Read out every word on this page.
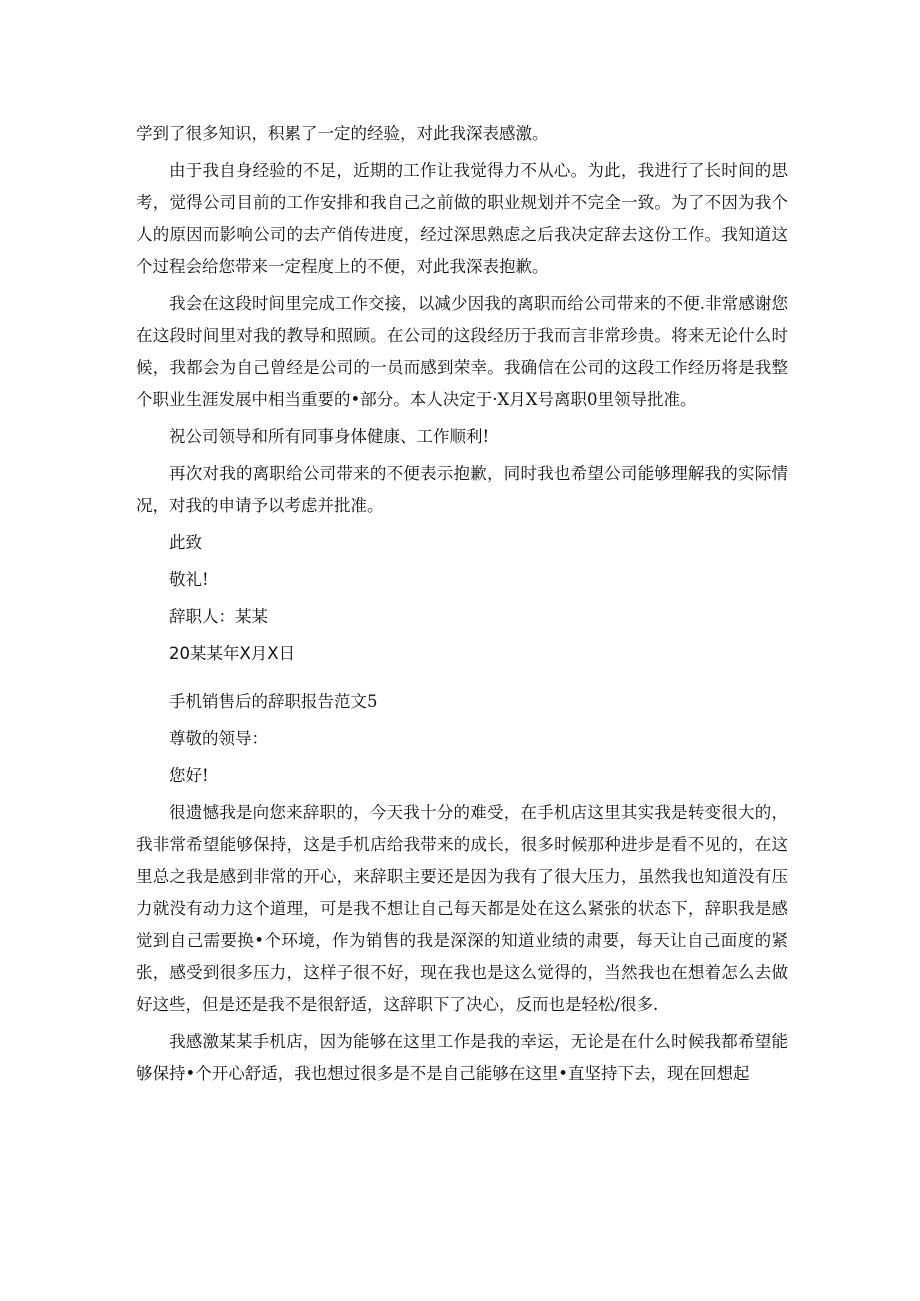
学到了很多知识，积累了一定的经验，对此我深表感激。

由于我自身经验的不足，近期的工作让我觉得力不从心。为此，我进行了长时间的思考，觉得公司目前的工作安排和我自己之前做的职业规划并不完全一致。为了不因为我个人的原因而影响公司的去产俏传进度，经过深思熟虑之后我决定辞去这份工作。我知道这个过程会给您带来一定程度上的不便，对此我深表抱歉。

我会在这段时间里完成工作交接，以减少因我的离职而给公司带来的不便.非常感谢您在这段时间里对我的教导和照顾。在公司的这段经历于我而言非常珍贵。将来无论什么时候，我都会为自己曾经是公司的一员而感到荣幸。我确信在公司的这段工作经历将是我整个职业生涯发展中相当重要的•部分。本人决定于·X月X号离职0里领导批准。

祝公司领导和所有同事身体健康、工作顺利!

再次对我的离职给公司带来的不便表示抱歉，同时我也希望公司能够理解我的实际情况，对我的申请予以考虑并批准。

此致

敬礼!

辞职人：某某

20某某年X月X日

手机销售后的辞职报告范文5

尊敬的领导：

您好!

很遗憾我是向您来辞职的，今天我十分的难受，在手机店这里其实我是转变很大的，我非常希望能够保持，这是手机店给我带来的成长，很多时候那种进步是看不见的，在这里总之我是感到非常的开心，来辞职主要还是因为我有了很大压力，虽然我也知道没有压力就没有动力这个道理，可是我不想让自己每天都是处在这么紧张的状态下，辞职我是感觉到自己需要换•个环境，作为销售的我是深深的知道业绩的肃要，每天让自己面度的紧张，感受到很多压力，这样子很不好，现在我也是这么觉得的，当然我也在想着怎么去做好这些，但是还是我不是很舒适，这辞职下了决心，反而也是轻松/很多.

我感激某某手机店，因为能够在这里工作是我的幸运，无论是在什么时候我都希望能够保持•个开心舒适，我也想过很多是不是自己能够在这里•直坚持下去，现在回想起
